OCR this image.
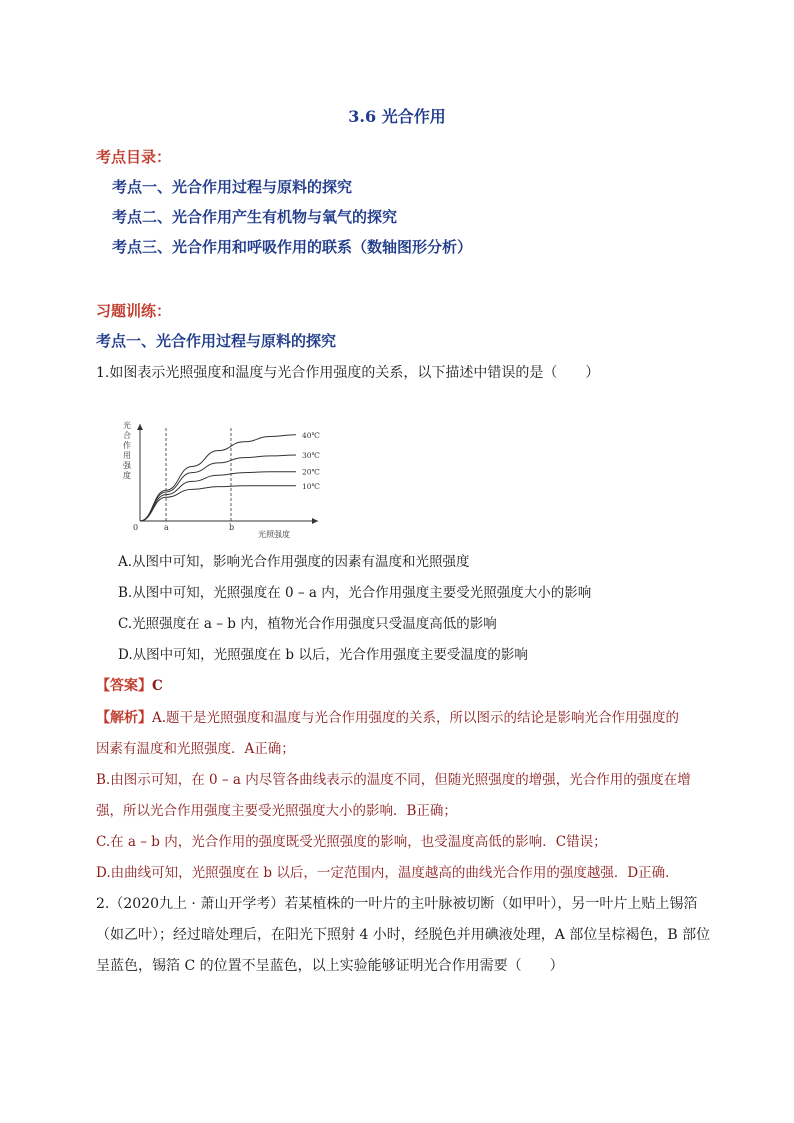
3.6 光合作用
考点目录：
考点一、光合作用过程与原料的探究
考点二、光合作用产生有机物与氧气的探究
考点三、光合作用和呼吸作用的联系（数轴图形分析）
习题训练：
考点一、光合作用过程与原料的探究
1.如图表示光照强度和温度与光合作用强度的关系，以下描述中错误的是（　　）
光
合
作
用
强
度
光照强度
0	a	b
40℃
30℃
20℃
10℃
A.从图中可知，影响光合作用强度的因素有温度和光照强度
B.从图中可知，光照强度在 0 – a 内，光合作用强度主要受光照强度大小的影响
C.光照强度在 a – b 内，植物光合作用强度只受温度高低的影响
D.从图中可知，光照强度在 b 以后，光合作用强度主要受温度的影响
【答案】C
【解析】A.题干是光照强度和温度与光合作用强度的关系，所以图示的结论是影响光合作用强度的
因素有温度和光照强度．A正确；
B.由图示可知，在 0 – a 内尽管各曲线表示的温度不同，但随光照强度的增强，光合作用的强度在增
强，所以光合作用强度主要受光照强度大小的影响．B正确；
C.在 a – b 内，光合作用的强度既受光照强度的影响，也受温度高低的影响．C错误；
D.由曲线可知，光照强度在 b 以后，一定范围内，温度越高的曲线光合作用的强度越强．D正确．
2.（2020九上 · 萧山开学考）若某植株的一叶片的主叶脉被切断（如甲叶），另一叶片上贴上锡箔
（如乙叶）；经过暗处理后，在阳光下照射 4 小时，经脱色并用碘液处理，A 部位呈棕褐色，B 部位
呈蓝色，锡箔 C 的位置不呈蓝色，以上实验能够证明光合作用需要（　　）
